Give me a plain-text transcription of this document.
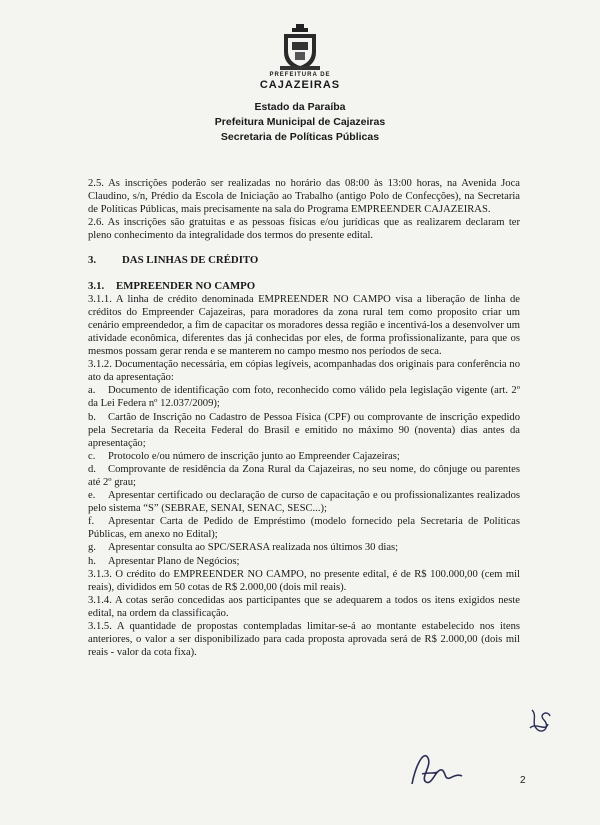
PREFEITURA DE
CAJAZEIRAS
Estado da Paraíba
Prefeitura Municipal de Cajazeiras
Secretaria de Políticas Públicas

2.5. As inscrições poderão ser realizadas no horário das 08:00 às 13:00 horas, na Avenida Joca Claudino, s/n, Prédio da Escola de Iniciação ao Trabalho (antigo Polo de Confecções), na Secretaria de Políticas Públicas, mais precisamente na sala do Programa EMPREENDER CAJAZEIRAS.

2.6. As inscrições são gratuitas e as pessoas físicas e/ou jurídicas que as realizarem declaram ter pleno conhecimento da integralidade dos termos do presente edital.

3. DAS LINHAS DE CRÉDITO

3.1. EMPREENDER NO CAMPO

3.1.1. A linha de crédito denominada EMPREENDER NO CAMPO visa a liberação de linha de créditos do Empreender Cajazeiras, para moradores da zona rural tem como proposito criar um cenário empreendedor, a fim de capacitar os moradores dessa região e incentivá-los a desenvolver um atividade econômica, diferentes das já conhecidas por eles, de forma profissionalizante, para que os mesmos possam gerar renda e se manterem no campo mesmo nos períodos de seca.

3.1.2. Documentação necessária, em cópias legíveis, acompanhadas dos originais para conferência no ato da apresentação:

a. Documento de identificação com foto, reconhecido como válido pela legislação vigente (art. 2º da Lei Federa nº 12.037/2009);

b. Cartão de Inscrição no Cadastro de Pessoa Física (CPF) ou comprovante de inscrição expedido pela Secretaria da Receita Federal do Brasil e emitido no máximo 90 (noventa) dias antes da apresentação;

c. Protocolo e/ou número de inscrição junto ao Empreender Cajazeiras;

d. Comprovante de residência da Zona Rural da Cajazeiras, no seu nome, do cônjuge ou parentes até 2º grau;

e. Apresentar certificado ou declaração de curso de capacitação e ou profissionalizantes realizados pelo sistema “S” (SEBRAE, SENAI, SENAC, SESC...);

f. Apresentar Carta de Pedido de Empréstimo (modelo fornecido pela Secretaria de Políticas Públicas, em anexo no Edital);

g. Apresentar consulta ao SPC/SERASA realizada nos últimos 30 dias;

h. Apresentar Plano de Negócios;

3.1.3. O crédito do EMPREENDER NO CAMPO, no presente edital, é de R$ 100.000,00 (cem mil reais), divididos em 50 cotas de R$ 2.000,00 (dois mil reais).

3.1.4. A cotas serão concedidas aos participantes que se adequarem a todos os itens exigidos neste edital, na ordem da classificação.

3.1.5. A quantidade de propostas contempladas limitar-se-á ao montante estabelecido nos itens anteriores, o valor a ser disponibilizado para cada proposta aprovada será de R$ 2.000,00 (dois mil reais - valor da cota fixa).

2
